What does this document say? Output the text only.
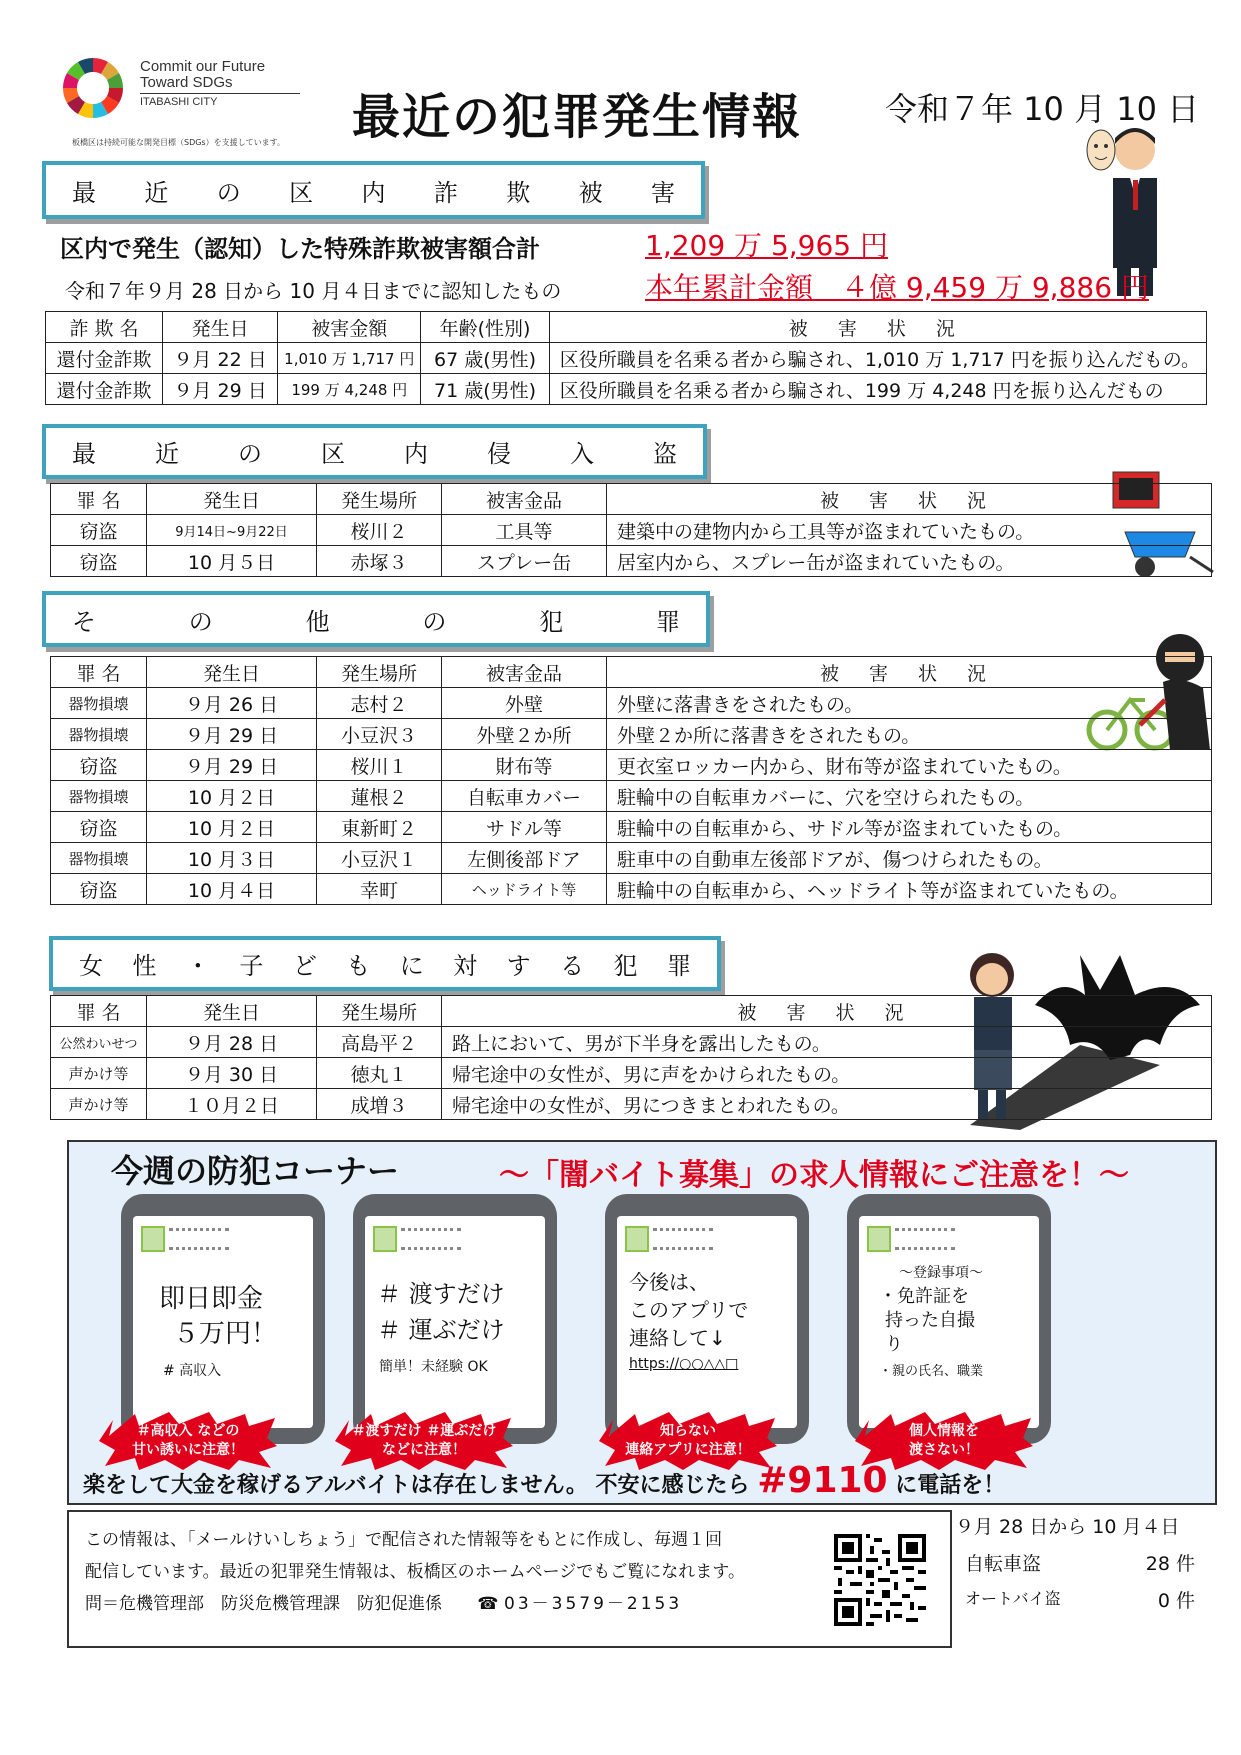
Commit our Future
Toward SDGs
ITABASHI CITY
板橋区は持続可能な開発目標（SDGs）を支援しています。 最近の犯罪発生情報	令和７年 10 月 10 日
最 近 の 区 内 詐 欺 被 害
区内で発生（認知）した特殊詐欺被害額合計	1,209 万 5,965 円
令和７年９月 28 日から 10 月４日までに認知したもの	本年累計金額　４億 9,459 万 9,886 円
詐 欺 名	発生日	被害金額	年齢(性別)	被 害 状 況
還付金詐欺	９月 22 日	1,010 万 1,717 円	67 歳(男性)	区役所職員を名乗る者から騙され、1,010 万 1,717 円を振り込んだもの。
還付金詐欺	９月 29 日	199 万 4,248 円	71 歳(男性)	区役所職員を名乗る者から騙され、199 万 4,248 円を振り込んだもの
最 近 の 区 内 侵 入 盗
罪 名	発生日	発生場所	被害金品	被 害 状 況
窃盗	9月14日~9月22日	桜川２	工具等	建築中の建物内から工具等が盗まれていたもの。
窃盗	10 月５日	赤塚３	スプレー缶	居室内から、スプレー缶が盗まれていたもの。
そ	の	他	の	犯	罪
罪 名	発生日	発生場所	被害金品	被 害 状 況
器物損壊	９月 26 日	志村２	外壁	外壁に落書きをされたもの。
器物損壊	９月 29 日	小豆沢３	外壁２か所	外壁２か所に落書きをされたもの。
窃盗	９月 29 日	桜川１	財布等	更衣室ロッカー内から、財布等が盗まれていたもの。
器物損壊	10 月２日	蓮根２	自転車カバー	駐輪中の自転車カバーに、穴を空けられたもの。
窃盗	10 月２日	東新町２	サドル等	駐輪中の自転車から、サドル等が盗まれていたもの。
器物損壊	10 月３日	小豆沢１	左側後部ドア	駐車中の自動車左後部ドアが、傷つけられたもの。
窃盗	10 月４日	幸町	ヘッドライト等	駐輪中の自転車から、ヘッドライト等が盗まれていたもの。
女 性 ・ 子 ど も に 対 す る 犯 罪
罪 名	発生日	発生場所	被 害 状 況
公然わいせつ	９月 28 日	高島平２	路上において、男が下半身を露出したもの。
声かけ等	９月 30 日	徳丸１	帰宅途中の女性が、男に声をかけられたもの。
声かけ等	１０月２日	成増３	帰宅途中の女性が、男につきまとわれたもの。
今週の防犯コーナー	～「闇バイト募集」の求人情報にご注意を！～
即日即金
５万円！
# 高収入
＃高収入 などの
甘い誘いに注意！
＃ 渡すだけ
＃ 運ぶだけ
簡単！未経験 OK
＃渡すだけ ＃運ぶだけ
などに注意！
今後は、
このアプリで
連絡して↓
https://○○△△□
知らない
連絡アプリに注意！
～登録事項～
・免許証を
持った自撮
り
・親の氏名、職業
個人情報を
渡さない！
楽をして大金を稼げるアルバイトは存在しません。 不安に感じたら #9110 に電話を！
この情報は、「メールけいしちょう」で配信された情報等をもとに作成し、毎週１回
配信しています。最近の犯罪発生情報は、板橋区のホームページでもご覧になれます。
問＝危機管理部　防災危機管理課　防犯促進係 ☎ 03－3579－2153
９月 28 日から 10 月４日
自転車盗	28 件
オートバイ盗	0 件
